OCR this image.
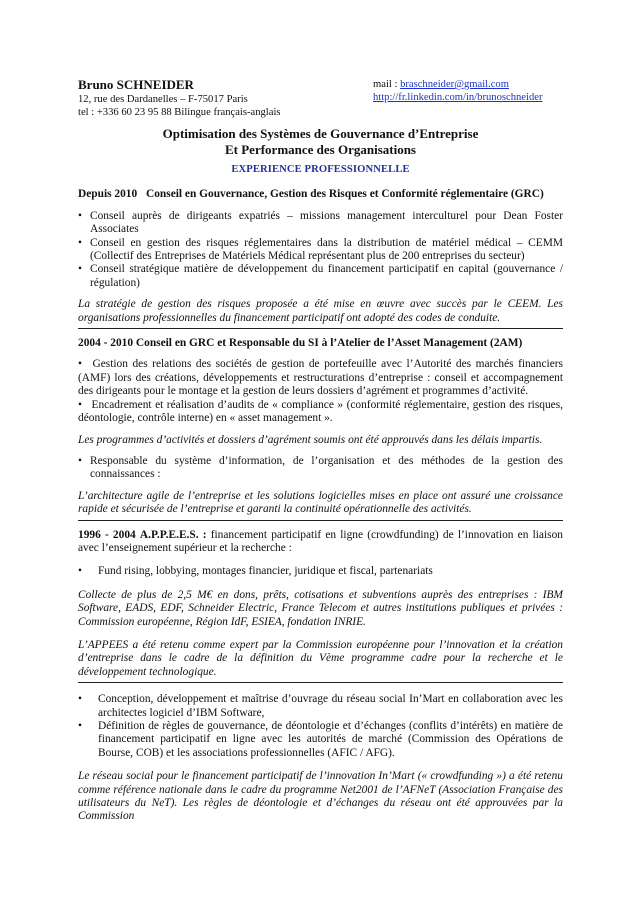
Bruno SCHNEIDER
12, rue des Dardanelles – F-75017 Paris
tel : +336 60 23 95 88 Bilingue français-anglais
mail : braschneider@gmail.com
http://fr.linkedin.com/in/brunoschneider
Optimisation des Systèmes de Gouvernance d’Entreprise
Et Performance des Organisations
EXPERIENCE PROFESSIONNELLE
Depuis 2010 Conseil en Gouvernance, Gestion des Risques et Conformité réglementaire (GRC)
• Conseil auprès de dirigeants expatriés – missions management interculturel pour Dean Foster Associates
• Conseil en gestion des risques réglementaires dans la distribution de matériel médical – CEMM (Collectif des Entreprises de Matériels Médical représentant plus de 200 entreprises du secteur)
• Conseil stratégique matière de développement du financement participatif en capital (gouvernance / régulation)

La stratégie de gestion des risques proposée a été mise en œuvre avec succès par le CEEM. Les organisations professionnelles du financement participatif ont adopté des codes de conduite.

2004 - 2010 Conseil en GRC et Responsable du SI à l’Atelier de l’Asset Management (2AM)

• Gestion des relations des sociétés de gestion de portefeuille avec l’Autorité des marchés financiers (AMF) lors des créations, développements et restructurations d’entreprise : conseil et accompagnement des dirigeants pour le montage et la gestion de leurs dossiers d’agrément et programmes d’activité.

• Encadrement et réalisation d’audits de « compliance » (conformité réglementaire, gestion des risques, déontologie, contrôle interne) en « asset management ».

Les programmes d’activités et dossiers d’agrément soumis ont été approuvés dans les délais impartis.

• Responsable du système d’information, de l’organisation et des méthodes de la gestion des connaissances :

L’architecture agile de l’entreprise et les solutions logicielles mises en place ont assuré une croissance rapide et sécurisée de l’entreprise et garanti la continuité opérationnelle des activités.

1996 - 2004 A.P.P.E.E.S. : financement participatif en ligne (crowdfunding) de l’innovation en liaison avec l’enseignement supérieur et la recherche :

• Fund rising, lobbying, montages financier, juridique et fiscal, partenariats

Collecte de plus de 2,5 M€ en dons, prêts, cotisations et subventions auprès des entreprises : IBM Software, EADS, EDF, Schneider Electric, France Telecom et autres institutions publiques et privées : Commission européenne, Région IdF, ESIEA, fondation INRIE.

L’APPEES a été retenu comme expert par la Commission européenne pour l’innovation et la création d’entreprise dans le cadre de la définition du Vème programme cadre pour la recherche et le développement technologique.

• Conception, développement et maîtrise d’ouvrage du réseau social In’Mart en collaboration avec les architectes logiciel d’IBM Software,
• Définition de règles de gouvernance, de déontologie et d’échanges (conflits d’intérêts) en matière de financement participatif en ligne avec les autorités de marché (Commission des Opérations de Bourse, COB) et les associations professionnelles (AFIC / AFG).

Le réseau social pour le financement participatif de l’innovation In’Mart (« crowdfunding ») a été retenu comme référence nationale dans le cadre du programme Net2001 de l’AFNeT (Association Française des utilisateurs du NeT). Les règles de déontologie et d’échanges du réseau ont été approuvées par la Commission
